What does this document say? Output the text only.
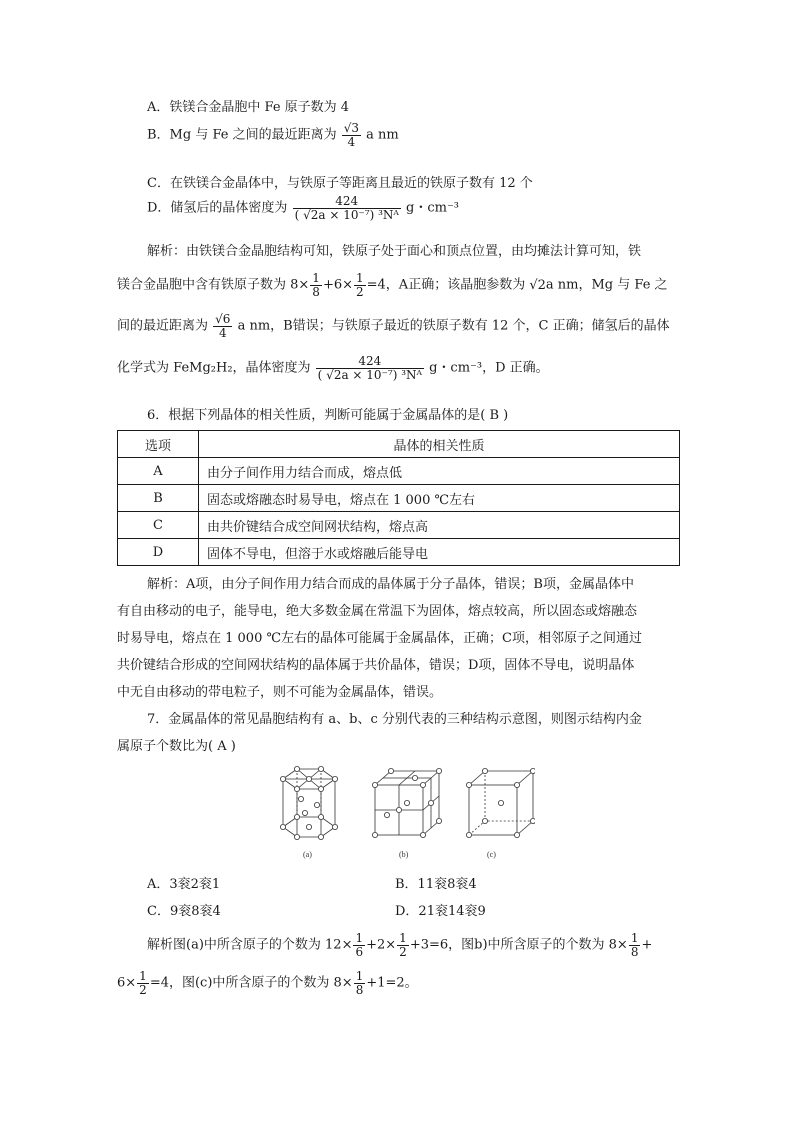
A．铁镁合金晶胞中 Fe 原子数为 4
B．Mg 与 Fe 之间的最近距离为 $\frac{√3}{4}$ a nm
C．在铁镁合金晶体中，与铁原子等距离且最近的铁原子数有 12 个
D．储氢后的晶体密度为 $\frac{424}{\text{( √2a × 10⁻⁷) ³Nᴬ}}$ g・cm⁻³
解析：由铁镁合金晶胞结构可知，铁原子处于面心和顶点位置，由均摊法计算可知，铁
镁合金晶胞中含有铁原子数为 $8\times \frac{1}{8} +6\times \frac{1}{2} =4$，A正确；该晶胞参数为 √2a nm，Mg 与 Fe 之
间的最近距离为 $\frac{√6}{4}$ a nm，B错误；与铁原子最近的铁原子数有 12 个，C 正确；储氢后的晶体
化学式为 FeMg₂H₂，晶体密度为 $\frac{424}{\text{( √2a × 10⁻⁷) ³Nᴬ}}$ g・cm⁻³，D 正确。
6．根据下列晶体的相关性质，判断可能属于金属晶体的是( B )
选项	晶体的相关性质
A	由分子间作用力结合而成，熔点低
B	固态或熔融态时易导电，熔点在 1 000 ℃左右
C	由共价键结合成空间网状结构，熔点高
D	固体不导电，但溶于水或熔融后能导电
解析：A项，由分子间作用力结合而成的晶体属于分子晶体，错误；B项，金属晶体中
有自由移动的电子，能导电，绝大多数金属在常温下为固体，熔点较高，所以固态或熔融态
时易导电，熔点在 1 000 ℃左右的晶体可能属于金属晶体，正确；C项，相邻原子之间通过
共价键结合形成的空间网状结构的晶体属于共价晶体，错误；D项，固体不导电，说明晶体
中无自由移动的带电粒子，则不可能为金属晶体，错误。
7．金属晶体的常见晶胞结构有 a、b、c 分别代表的三种结构示意图，则图示结构内金
属原子个数比为( A )
(a)	(b)	(c)
A．3衮2衮1	B．11衮8衮4
C．9衮8衮4	D．21衮14衮9
解析图(a)中所含原子的个数为 $12\times \frac{1}{6} +2\times \frac{1}{2} +3=6$，图b)中所含原子的个数为 $8\times \frac{1}{8}$ +
$6\times \frac{1}{2} =4$，图(c)中所含原子的个数为 $8\times \frac{1}{8} +1=2$。
